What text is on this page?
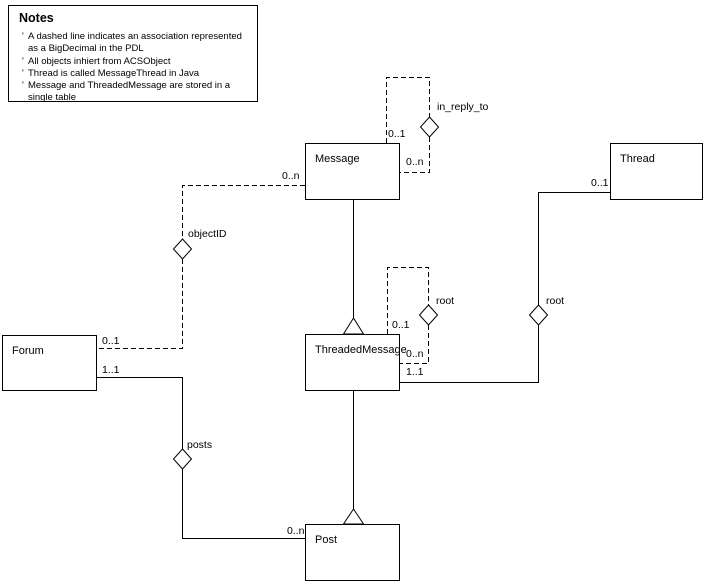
Message	Thread
ThreadedMessage
Forum
Post
in_reply_to
objectID
root	root
posts
0..1
0..n
0..n
0..1
0..1
0..n
0..1
1..1
1..1
0..n
Notes
' A dashed line indicates an association represented as a BigDecimal in the PDL
' All objects inhiert from ACSObject
' Thread is called MessageThread in Java
' Message and ThreadedMessage are stored in a single table
